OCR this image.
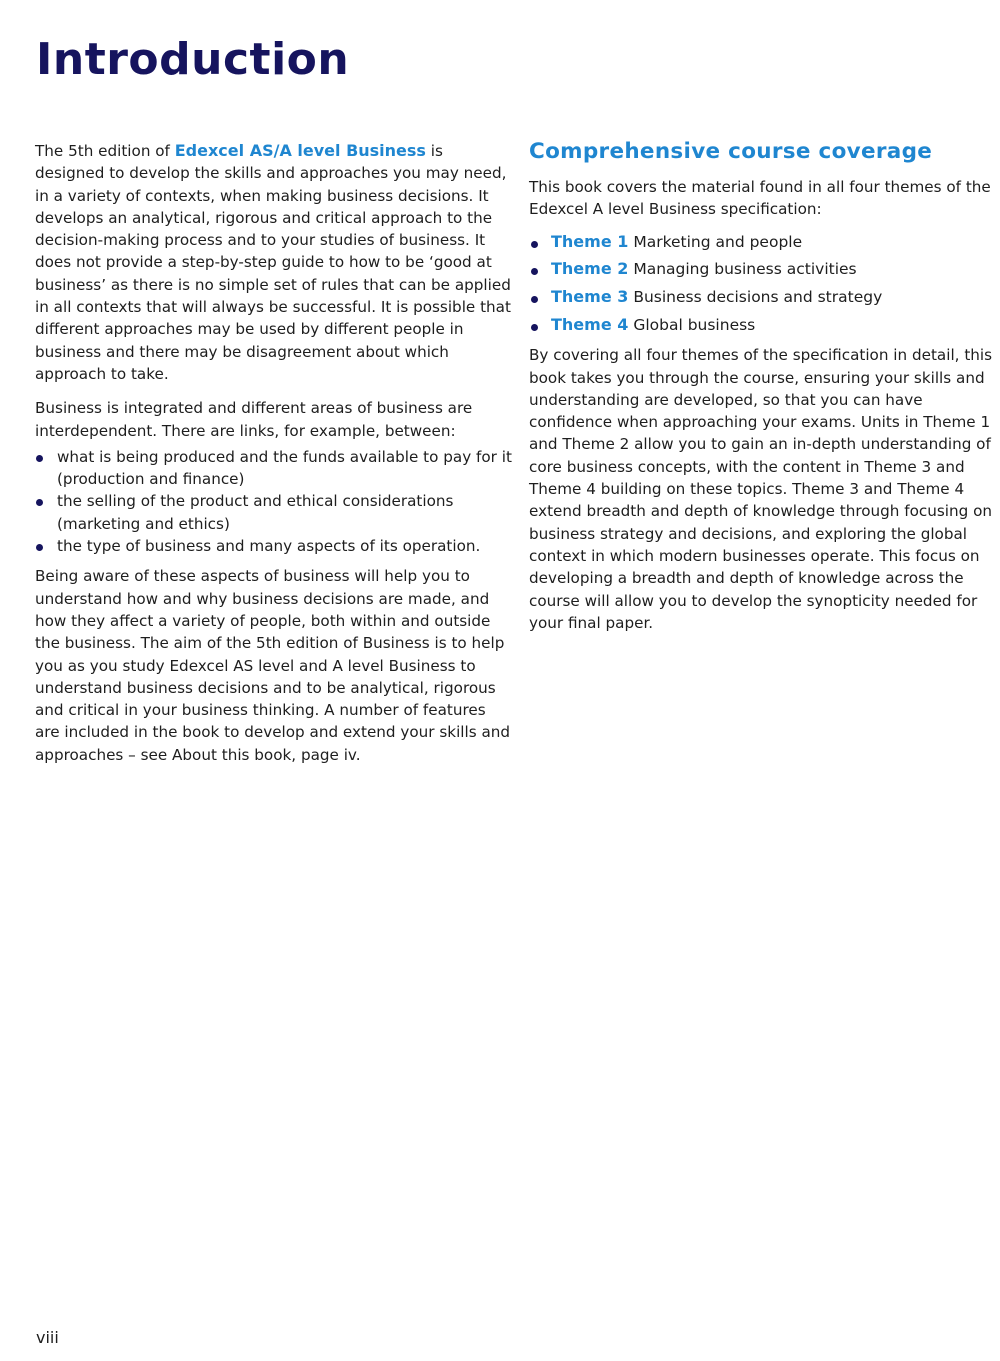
Introduction

The 5th edition of Edexcel AS/A level Business is designed to develop the skills and approaches you may need, in a variety of contexts, when making business decisions. It develops an analytical, rigorous and critical approach to the decision-making process and to your studies of business. It does not provide a step-by-step guide to how to be ‘good at business’ as there is no simple set of rules that can be applied in all contexts that will always be successful. It is possible that different approaches may be used by different people in business and there may be disagreement about which approach to take.

Business is integrated and different areas of business are interdependent. There are links, for example, between:

what is being produced and the funds available to pay for it (production and finance)
the selling of the product and ethical considerations (marketing and ethics)
the type of business and many aspects of its operation.

Being aware of these aspects of business will help you to understand how and why business decisions are made, and how they affect a variety of people, both within and outside the business. The aim of the 5th edition of Business is to help you as you study Edexcel AS level and A level Business to understand business decisions and to be analytical, rigorous and critical in your business thinking. A number of features are included in the book to develop and extend your skills and approaches – see About this book, page iv.

Comprehensive course coverage

This book covers the material found in all four themes of the Edexcel A level Business specification:

Theme 1 Marketing and people
Theme 2 Managing business activities
Theme 3 Business decisions and strategy
Theme 4 Global business

By covering all four themes of the specification in detail, this book takes you through the course, ensuring your skills and understanding are developed, so that you can have confidence when approaching your exams. Units in Theme 1 and Theme 2 allow you to gain an in-depth understanding of core business concepts, with the content in Theme 3 and Theme 4 building on these topics. Theme 3 and Theme 4 extend breadth and depth of knowledge through focusing on business strategy and decisions, and exploring the global context in which modern businesses operate. This focus on developing a breadth and depth of knowledge across the course will allow you to develop the synopticity needed for your final paper.

viii
